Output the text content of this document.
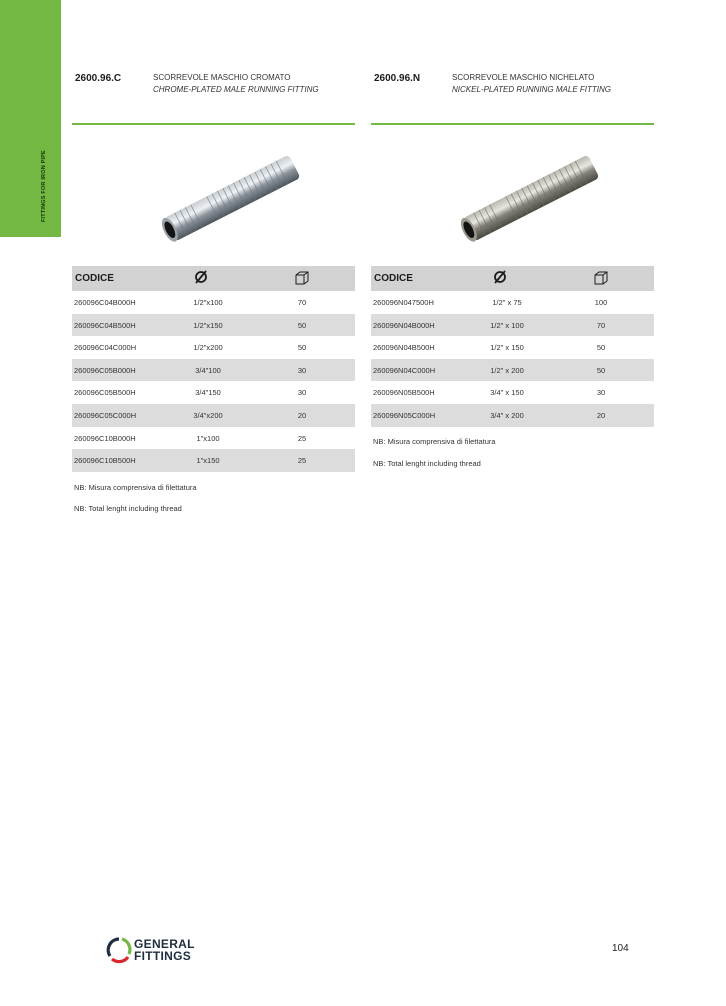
FITTINGS FOR IRON PIPE
2600.96.C	SCORREVOLE MASCHIO CROMATO
CHROME-PLATED MALE RUNNING FITTING
CODICE
260096C04B000H	1/2"x100	70
260096C04B500H	1/2"x150	50
260096C04C000H	1/2"x200	50
260096C05B000H	3/4"100	30
260096C05B500H	3/4"150	30
260096C05C000H	3/4"x200	20
260096C10B000H	1"x100	25
260096C10B500H	1"x150	25
NB: Misura comprensiva di filettatura
NB: Total lenght including thread
2600.96.N	SCORREVOLE MASCHIO NICHELATO
NICKEL-PLATED RUNNING MALE FITTING
CODICE
260096N047500H	1/2" x 75	100
260096N04B000H	1/2" x 100	70
260096N04B500H	1/2" x 150	50
260096N04C000H	1/2" x 200	50
260096N05B500H	3/4" x 150	30
260096N05C000H	3/4" x 200	20
NB: Misura comprensiva di filettatura
NB: Total lenght including thread
GENERAL
FITTINGS
104
